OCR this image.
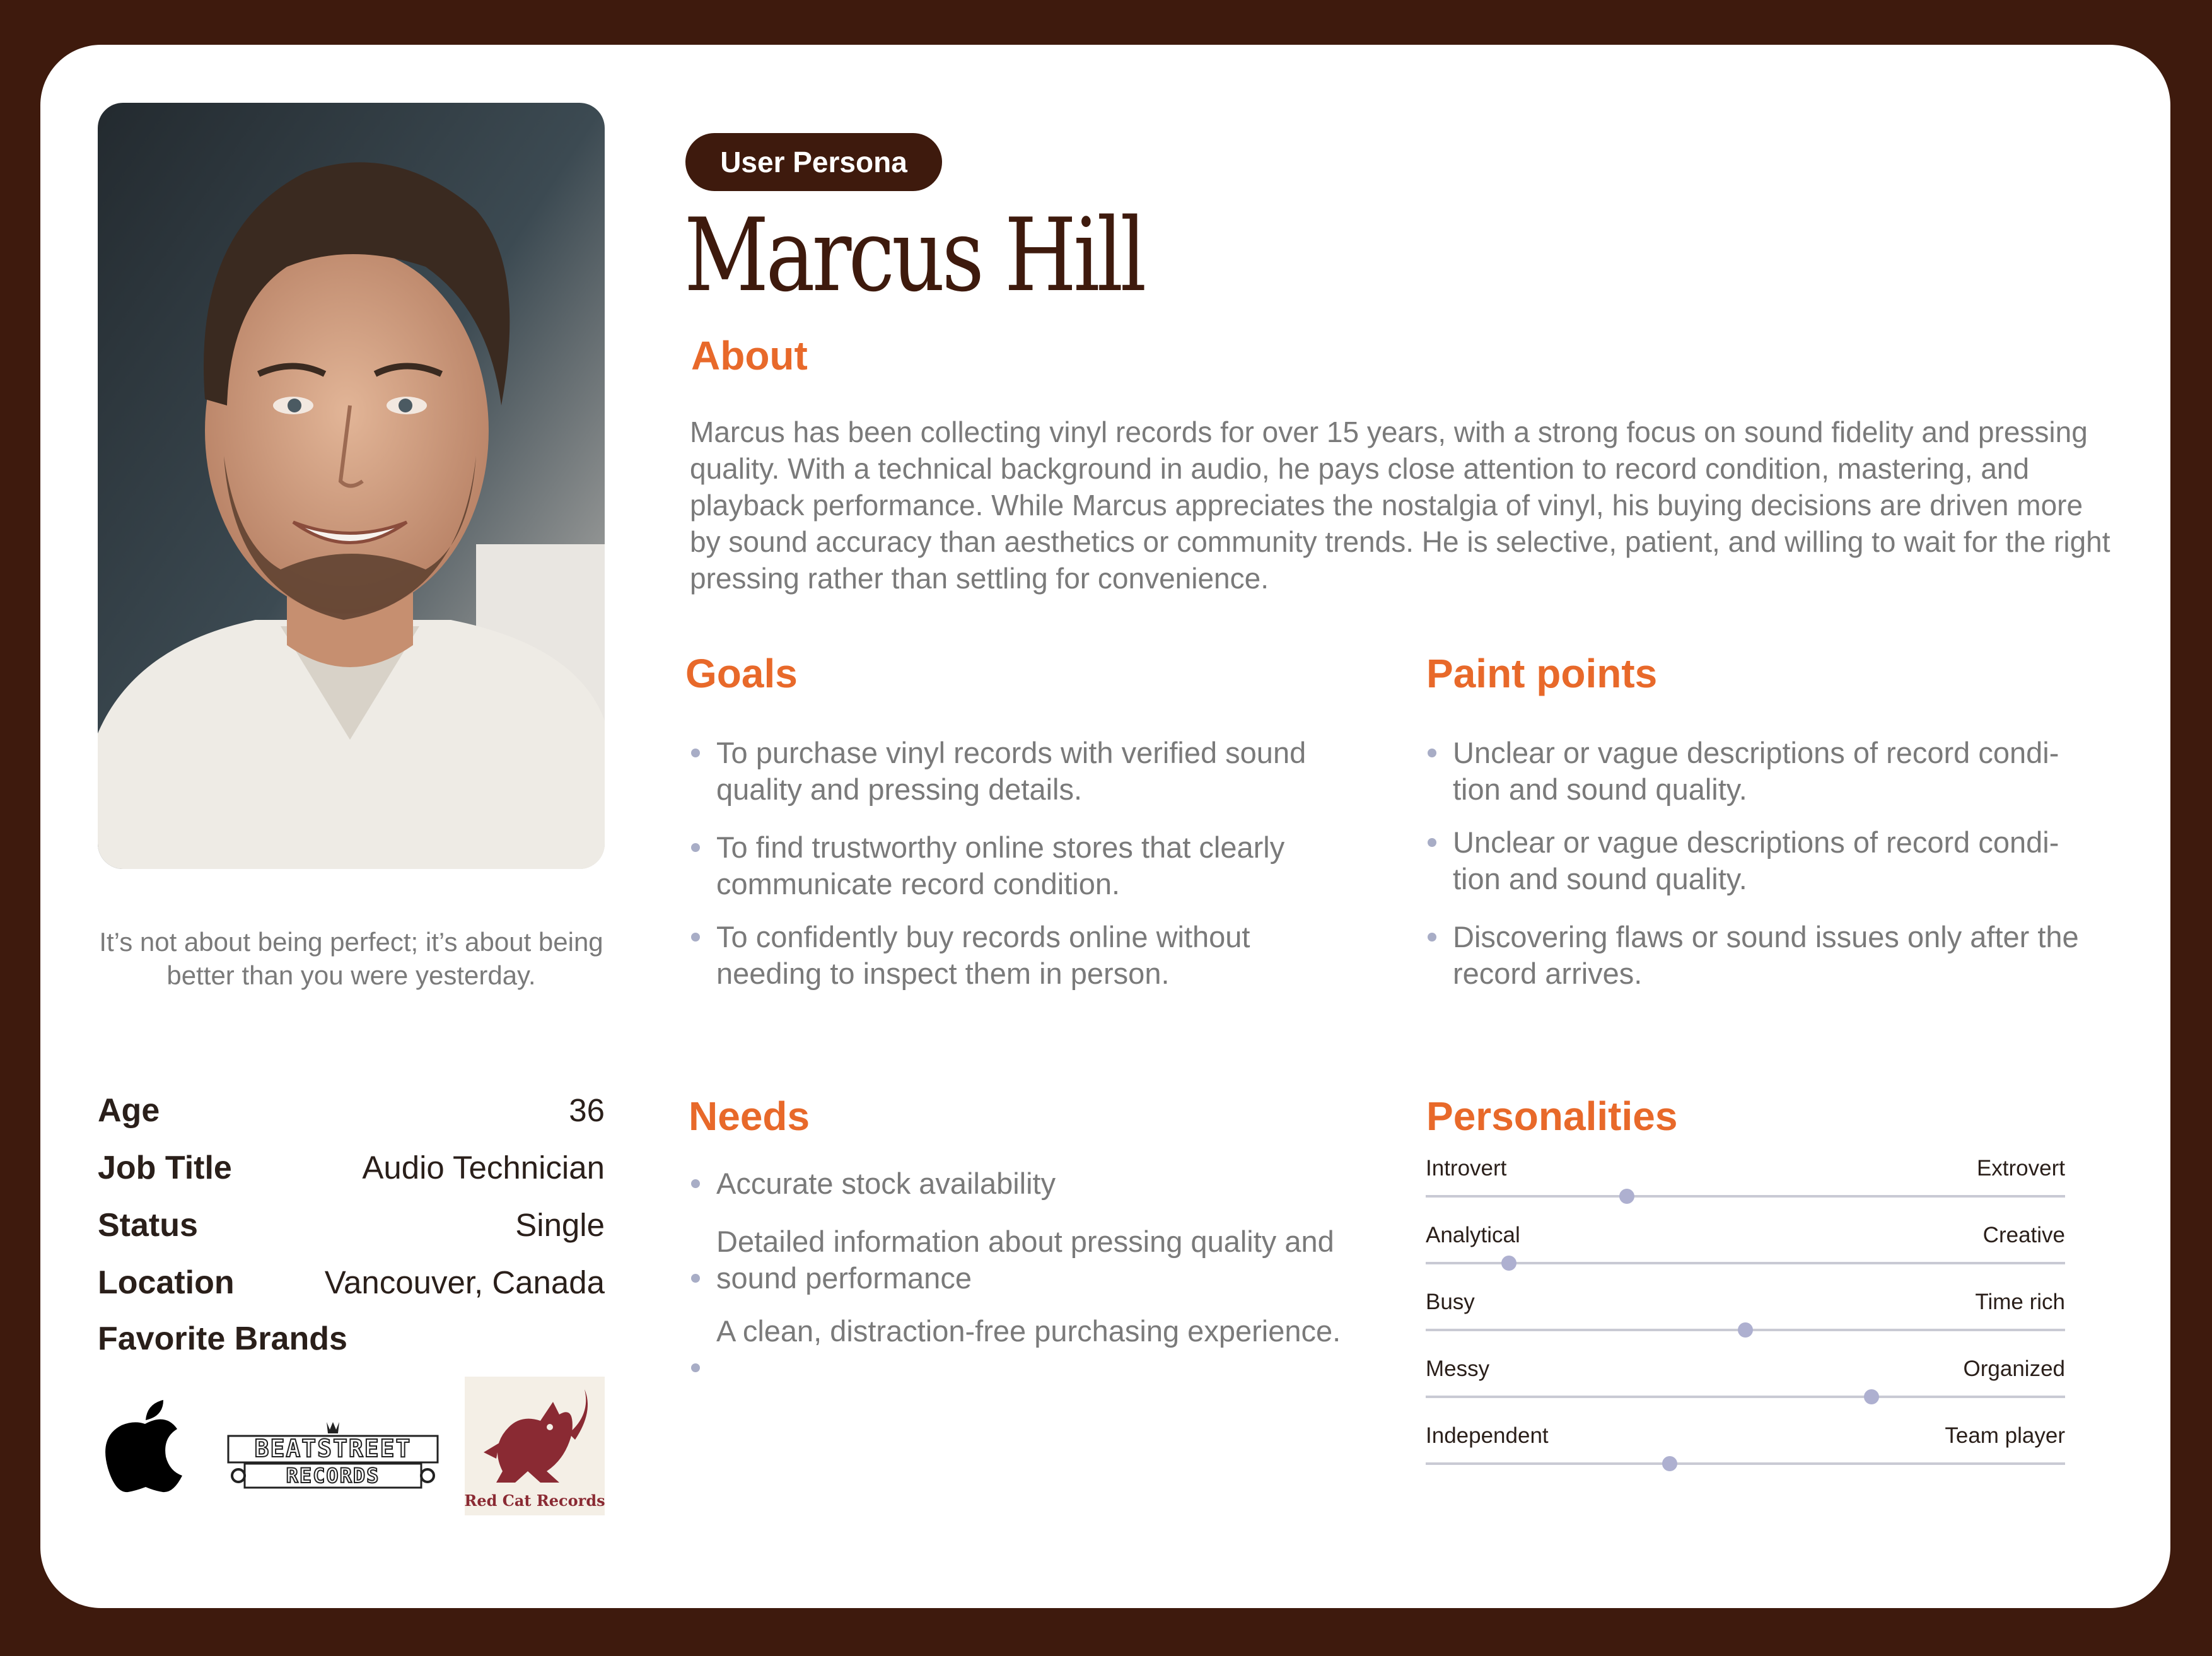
It’s not about being perfect; it’s about being better than you were yesterday.
Age	36
Job Title	Audio Technician
Status	Single
Location	Vancouver, Canada
Favorite Brands
BEATSTREET
RECORDS
Red Cat Records
User Persona
Marcus Hill
About
Marcus has been collecting vinyl records for over 15 years, with a strong focus on sound fidelity and pressing quality. With a technical background in audio, he pays close attention to record condition, mastering, and playback performance. While Marcus appreciates the nostalgia of vinyl, his buying decisions are driven more by sound accuracy than aesthetics or community trends. He is selective, patient, and willing to wait for the right pressing rather than settling for convenience.
Goals
To purchase vinyl records with verified sound quality and pressing details.
To find trustworthy online stores that clearly communicate record condition.
To confidently buy records online without needing to inspect them in person.
Paint points
Unclear or vague descriptions of record condi-tion and sound quality.
Unclear or vague descriptions of record condi-tion and sound quality.
Discovering flaws or sound issues only after the record arrives.
Needs
Accurate stock availability
Detailed information about pressing quality and sound performance
A clean, distraction-free purchasing experience.
Personalities
Introvert	Extrovert
Analytical	Creative
Busy	Time rich
Messy	Organized
Independent	Team player
